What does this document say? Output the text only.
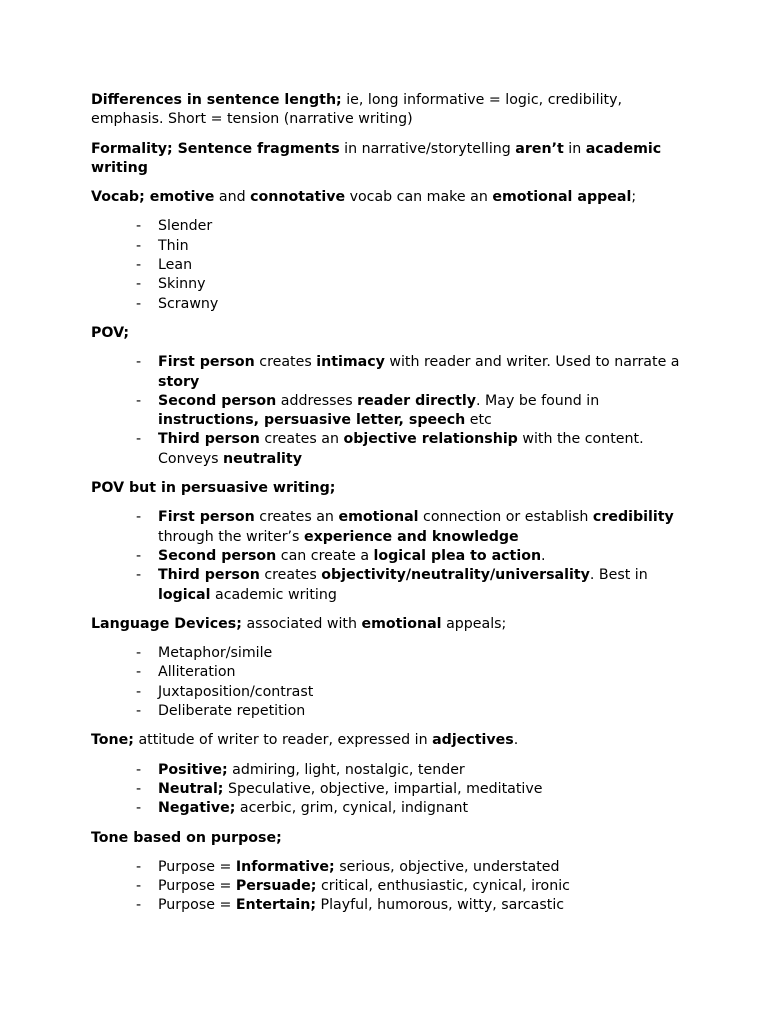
Differences in sentence length; ie, long informative = logic, credibility, emphasis. Short = tension (narrative writing)

Formality; Sentence fragments in narrative/storytelling aren’t in academic writing

Vocab; emotive and connotative vocab can make an emotional appeal;

- Slender
- Thin
- Lean
- Skinny
- Scrawny

POV;

- First person creates intimacy with reader and writer. Used to narrate a story
- Second person addresses reader directly. May be found in instructions, persuasive letter, speech etc
- Third person creates an objective relationship with the content. Conveys neutrality

POV but in persuasive writing;

- First person creates an emotional connection or establish credibility through the writer’s experience and knowledge
- Second person can create a logical plea to action.
- Third person creates objectivity/neutrality/universality. Best in logical academic writing

Language Devices; associated with emotional appeals;

- Metaphor/simile
- Alliteration
- Juxtaposition/contrast
- Deliberate repetition

Tone; attitude of writer to reader, expressed in adjectives.

- Positive; admiring, light, nostalgic, tender
- Neutral; Speculative, objective, impartial, meditative
- Negative; acerbic, grim, cynical, indignant

Tone based on purpose;

- Purpose = Informative; serious, objective, understated
- Purpose = Persuade; critical, enthusiastic, cynical, ironic
- Purpose = Entertain; Playful, humorous, witty, sarcastic
